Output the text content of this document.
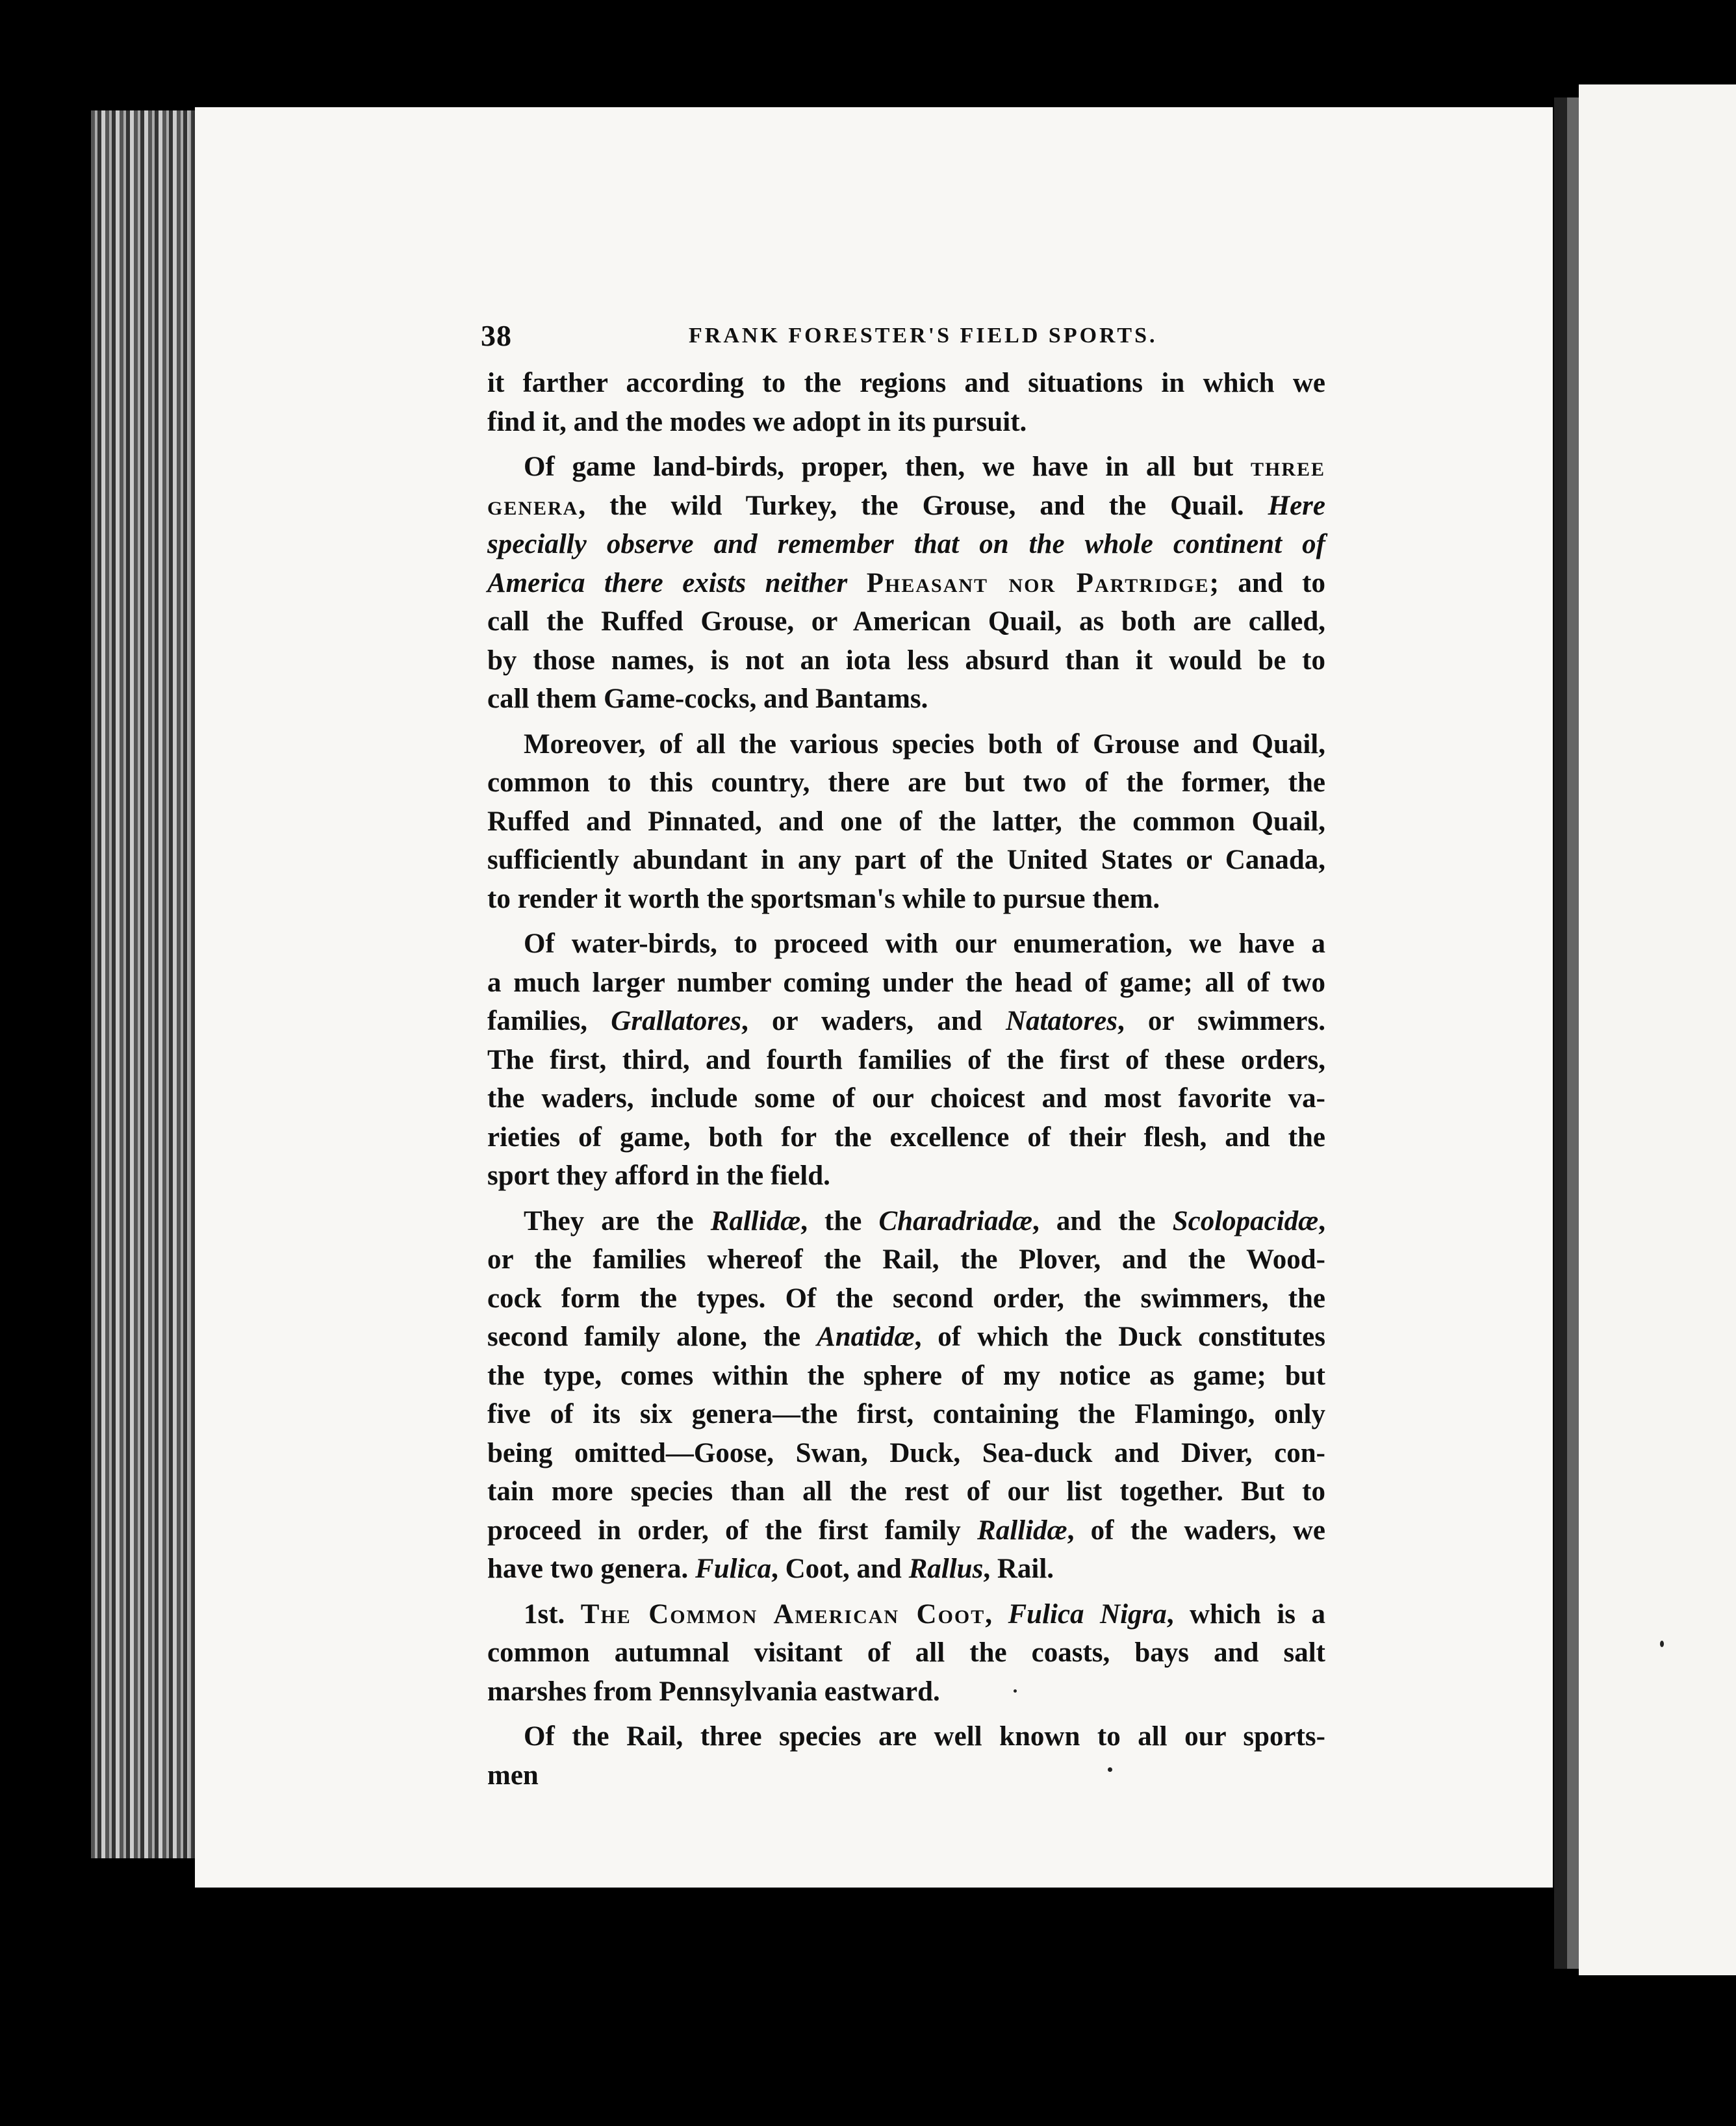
38	FRANK FORESTER'S FIELD SPORTS.
it farther according to the regions and situations in which we
find it, and the modes we adopt in its pursuit.
Of game land-birds, proper, then, we have in all but three
genera, the wild Turkey, the Grouse, and the Quail. Here
specially observe and remember that on the whole continent of
America there exists neither Pheasant nor Partridge; and to
call the Ruffed Grouse, or American Quail, as both are called,
by those names, is not an iota less absurd than it would be to
call them Game-cocks, and Bantams.
Moreover, of all the various species both of Grouse and Quail,
common to this country, there are but two of the former, the
Ruffed and Pinnated, and one of the latter, the common Quail,
sufficiently abundant in any part of the United States or Canada,
to render it worth the sportsman's while to pursue them.
Of water-birds, to proceed with our enumeration, we have a
a much larger number coming under the head of game; all of two
families, Grallatores, or waders, and Natatores, or swimmers.
The first, third, and fourth families of the first of these orders,
the waders, include some of our choicest and most favorite va-
rieties of game, both for the excellence of their flesh, and the
sport they afford in the field.
They are the Rallidæ, the Charadriadæ, and the Scolopacidæ,
or the families whereof the Rail, the Plover, and the Wood-
cock form the types. Of the second order, the swimmers, the
second family alone, the Anatidæ, of which the Duck constitutes
the type, comes within the sphere of my notice as game; but
five of its six genera—the first, containing the Flamingo, only
being omitted—Goose, Swan, Duck, Sea-duck and Diver, con-
tain more species than all the rest of our list together. But to
proceed in order, of the first family Rallidæ, of the waders, we
have two genera. Fulica, Coot, and Rallus, Rail.
1st. The Common American Coot, Fulica Nigra, which is a
common autumnal visitant of all the coasts, bays and salt
marshes from Pennsylvania eastward.
Of the Rail, three species are well known to all our sports-
men
